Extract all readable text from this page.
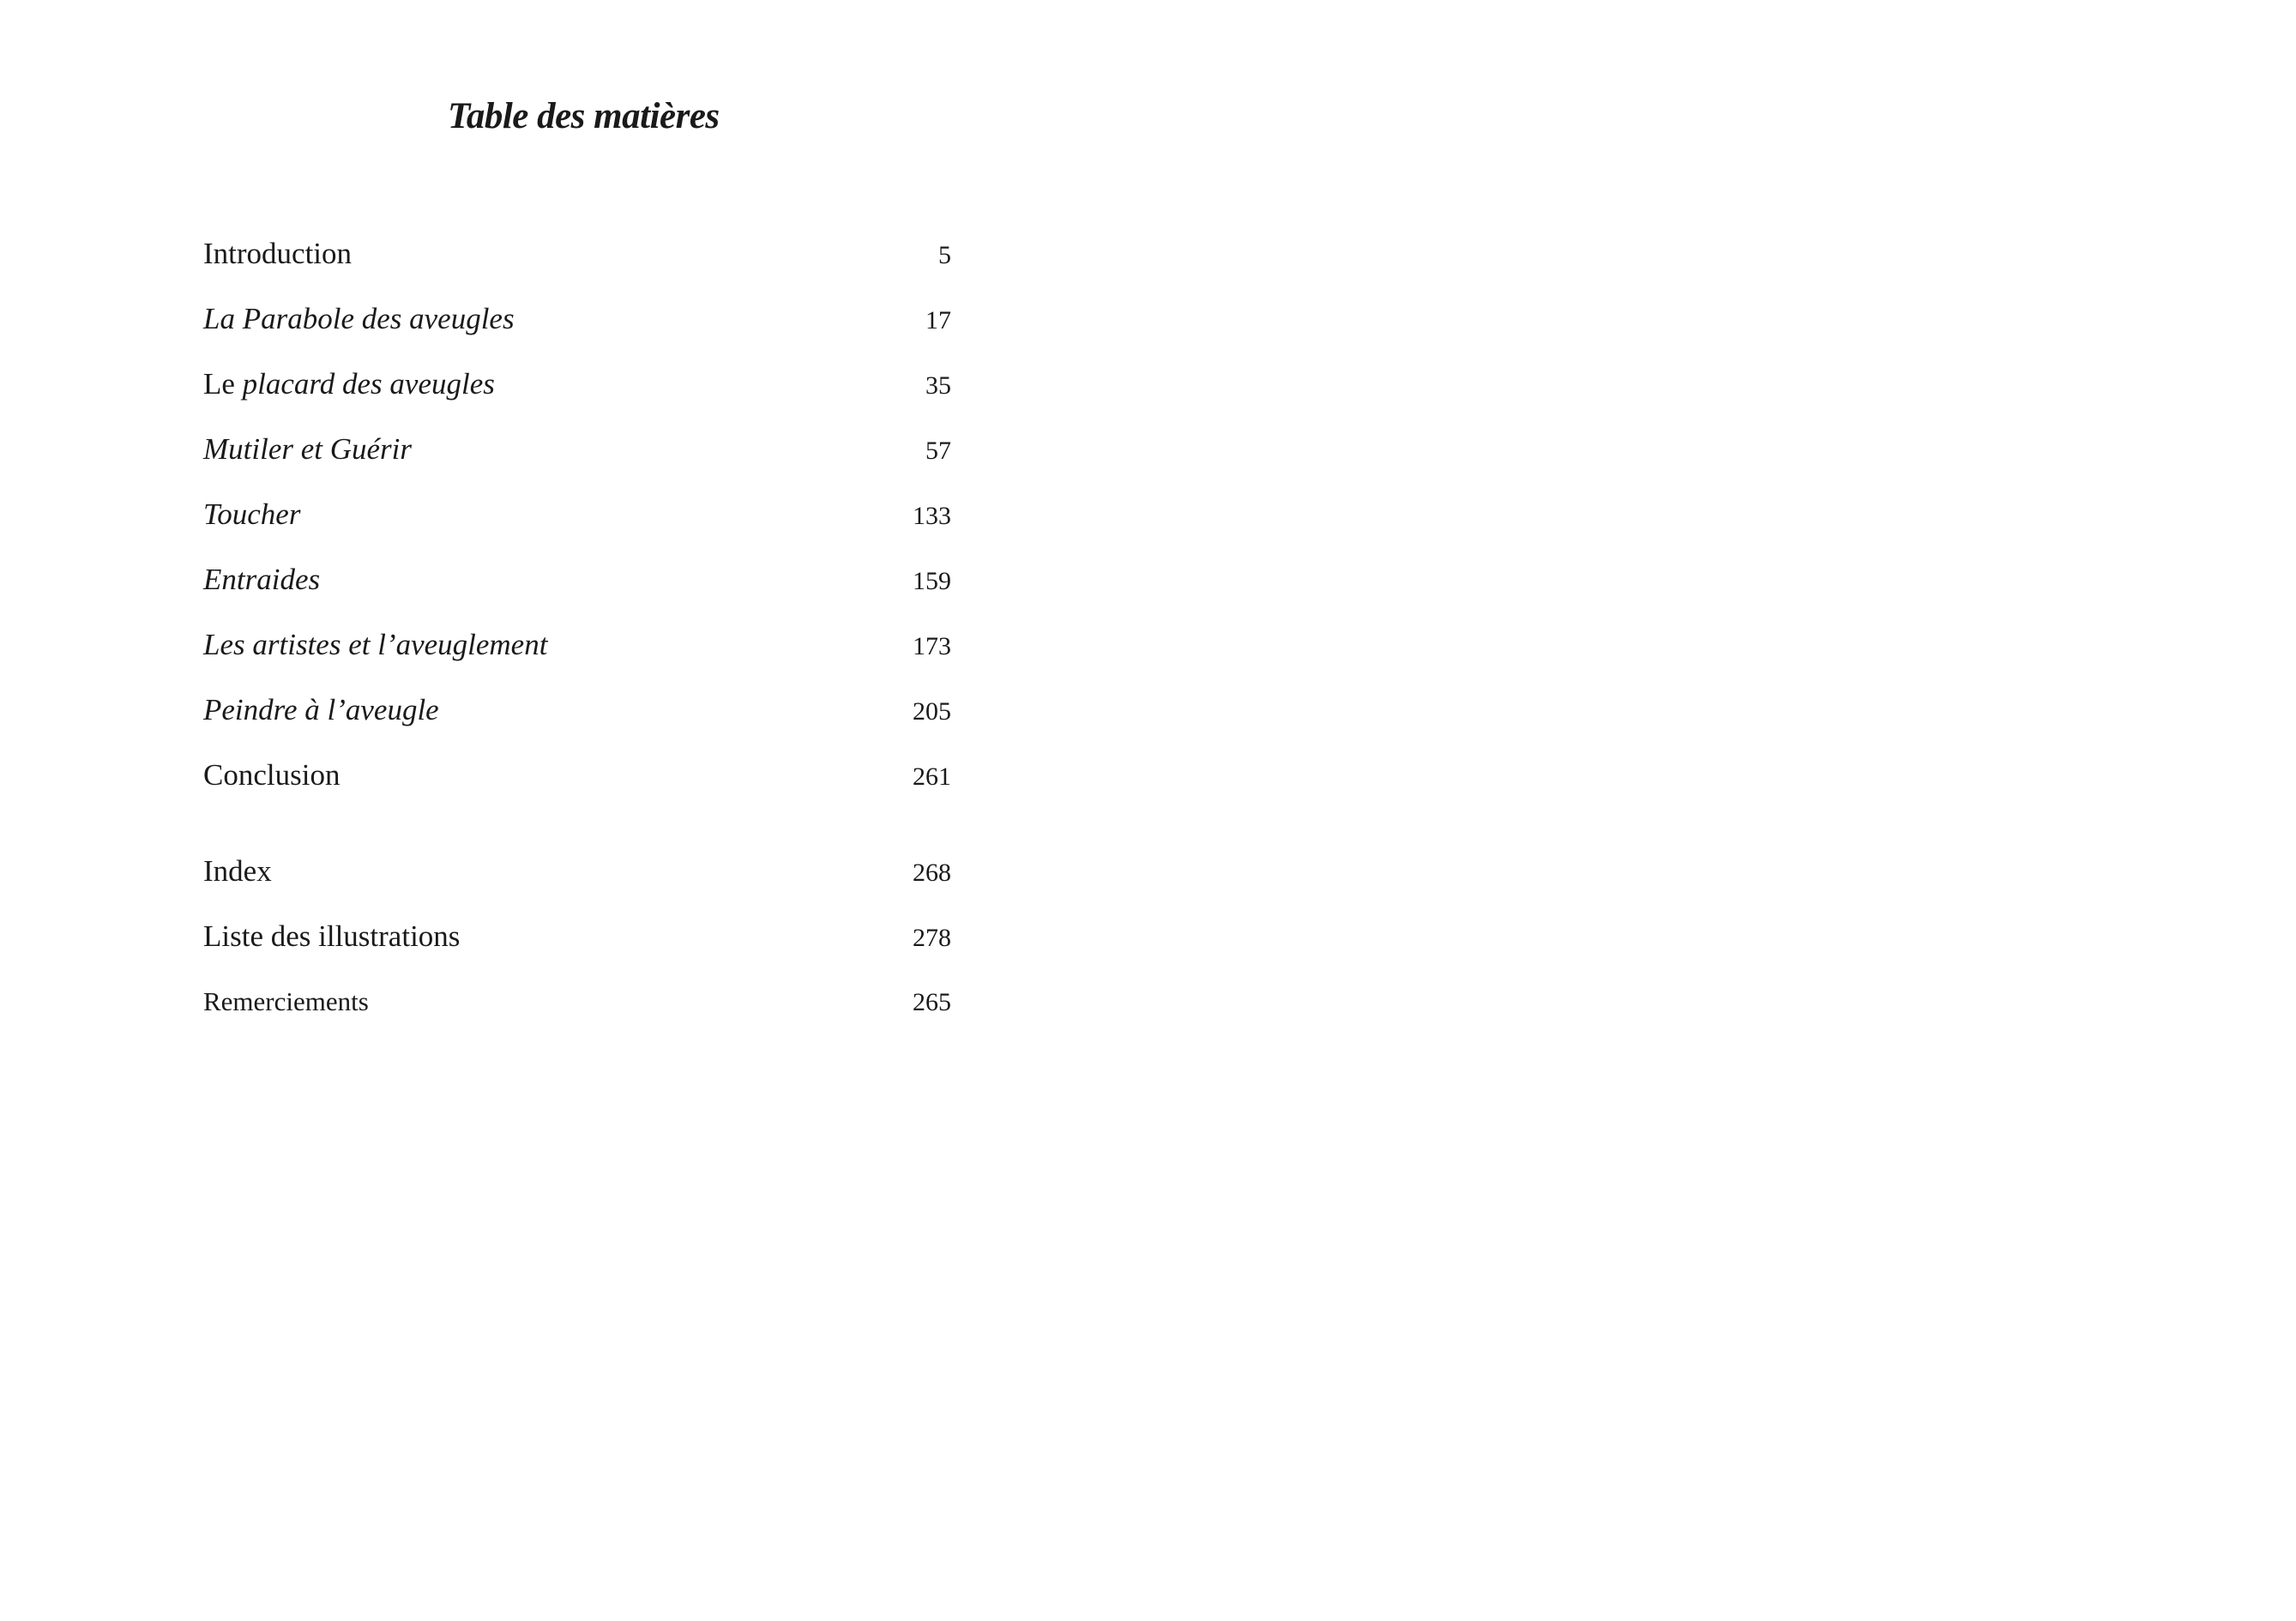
Table des matières
Introduction	5
La Parabole des aveugles	17
Le placard des aveugles	35
Mutiler et Guérir	57
Toucher	133
Entraides	159
Les artistes et l’aveuglement	173
Peindre à l’aveugle	205
Conclusion	261
Index	268
Liste des illustrations	278
Remerciements	265
